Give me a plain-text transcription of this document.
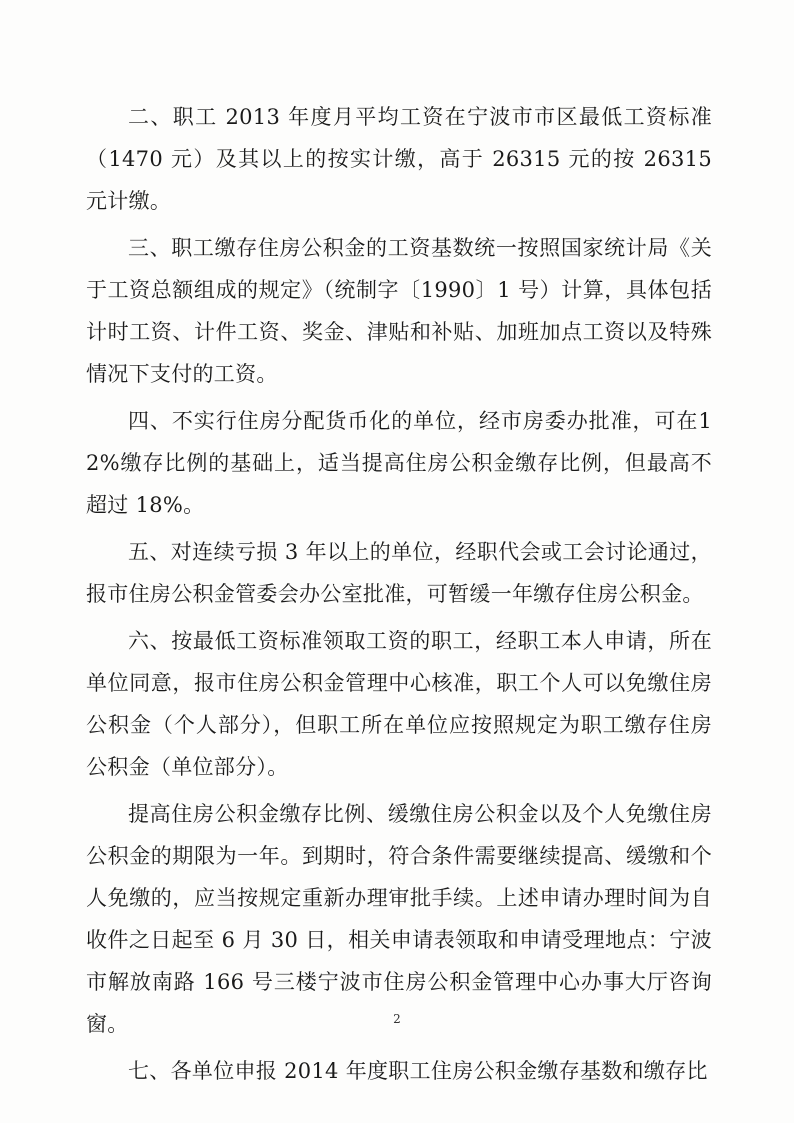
二、职工 2013 年度月平均工资在宁波市市区最低工资标准（1470 元）及其以上的按实计缴，高于 26315 元的按 26315 元计缴。

三、职工缴存住房公积金的工资基数统一按照国家统计局《关于工资总额组成的规定》（统制字〔1990〕1 号）计算，具体包括计时工资、计件工资、奖金、津贴和补贴、加班加点工资以及特殊情况下支付的工资。

四、不实行住房分配货币化的单位，经市房委办批准，可在12%缴存比例的基础上，适当提高住房公积金缴存比例，但最高不超过 18%。

五、对连续亏损 3 年以上的单位，经职代会或工会讨论通过，报市住房公积金管委会办公室批准，可暂缓一年缴存住房公积金。

六、按最低工资标准领取工资的职工，经职工本人申请，所在单位同意，报市住房公积金管理中心核准，职工个人可以免缴住房公积金（个人部分），但职工所在单位应按照规定为职工缴存住房公积金（单位部分）。

提高住房公积金缴存比例、缓缴住房公积金以及个人免缴住房公积金的期限为一年。到期时，符合条件需要继续提高、缓缴和个人免缴的，应当按规定重新办理审批手续。上述申请办理时间为自收件之日起至 6 月 30 日，相关申请表领取和申请受理地点：宁波市解放南路 166 号三楼宁波市住房公积金管理中心办事大厅咨询窗。

七、各单位申报 2014 年度职工住房公积金缴存基数和缴存比

2
